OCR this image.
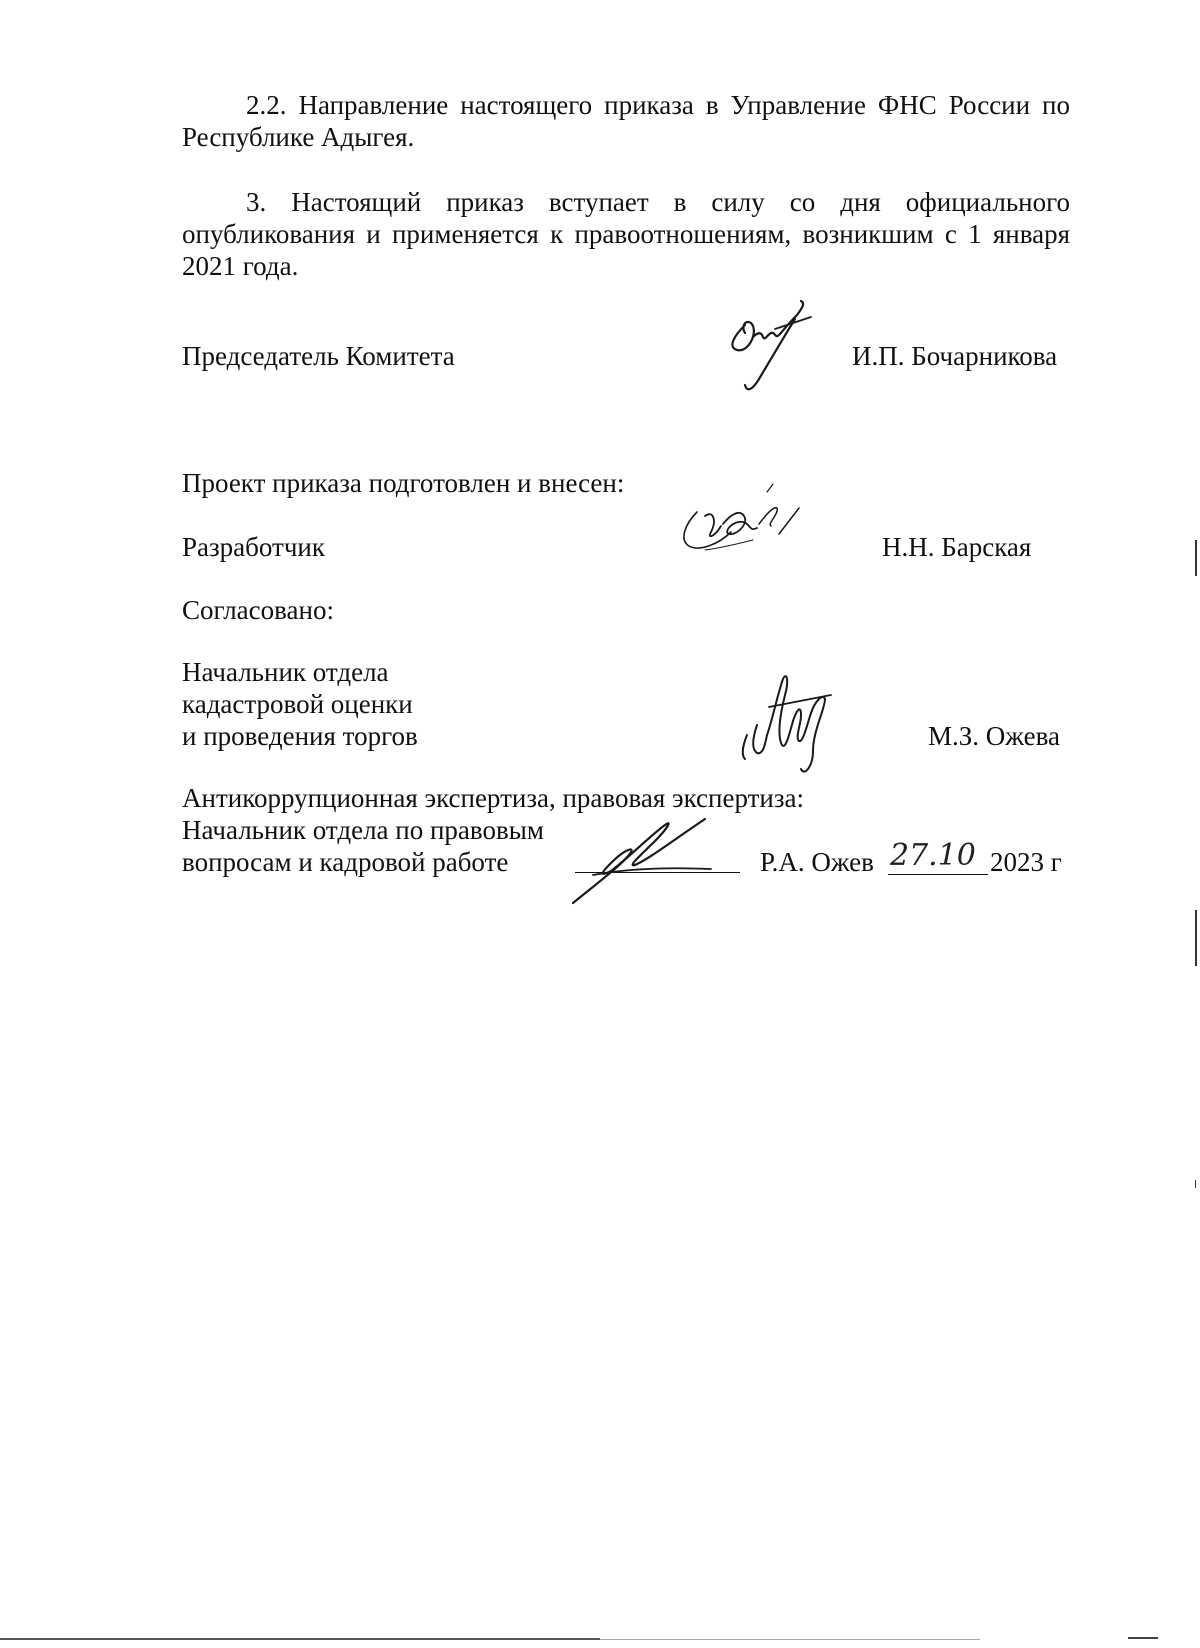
2.2. Направление настоящего приказа в Управление ФНС России по
Республике Адыгея.
3. Настоящий приказ вступает в силу со дня официального
опубликования и применяется к правоотношениям, возникшим с 1 января
2021 года.
Председатель Комитета	И.П. Бочарникова
Проект приказа подготовлен и внесен:
Разработчик	Н.Н. Барская
Согласовано:
Начальник отдела
кадастровой оценки
и проведения торгов	М.З. Ожева
Антикоррупционная экспертиза, правовая экспертиза:
Начальник отдела по правовым
вопросам и кадровой работе	Р.А. Ожев 27.10 2023 г
